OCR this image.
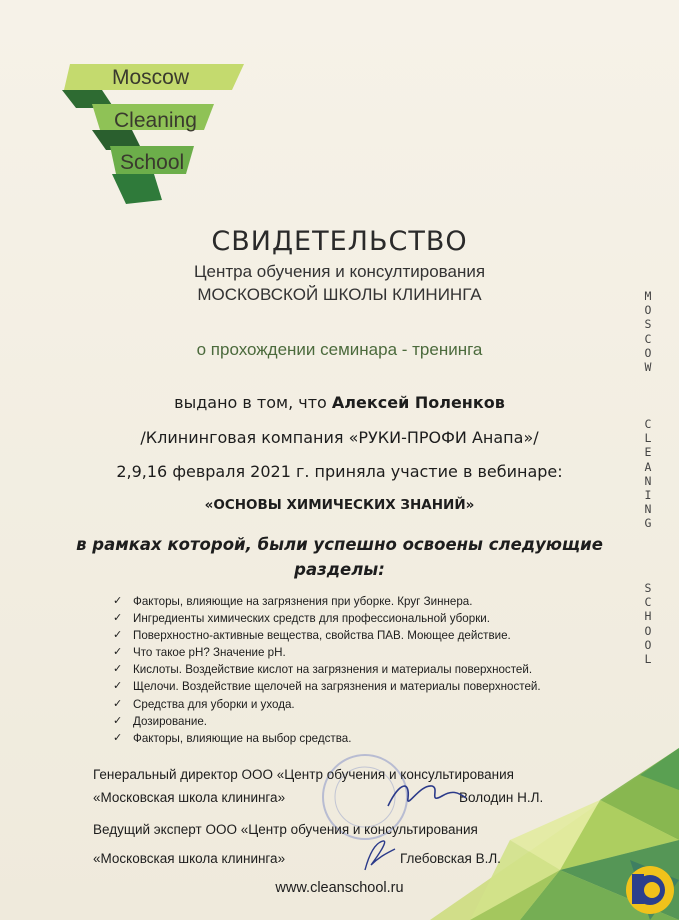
Moscow
Cleaning
School
M
O
S
C
O
W
C
L
E
A
N
I
N
G
S
C
H
O
O
L
СВИДЕТЕЛЬСТВО
Центра обучения и консултирования
МОСКОВСКОЙ ШКОЛЫ КЛИНИНГА
о прохождении семинара - тренинга
выдано в том, что Алексей Поленков
/Клининговая компания «РУКИ-ПРОФИ Анапа»/
2,9,16 февраля 2021 г. приняла участие в вебинаре:
«ОСНОВЫ ХИМИЧЕСКИХ ЗНАНИЙ»
в рамках которой, были успешно освоены следующие
разделы:
✓ Факторы, влияющие на загрязнения при уборке. Круг Зиннера.
✓ Ингредиенты химических средств для профессиональной уборки.
✓ Поверхностно-активные вещества, свойства ПАВ. Моющее действие.
✓ Что такое pH? Значение pH.
✓ Кислоты. Воздействие кислот на загрязнения и материалы поверхностей.
✓ Щелочи. Воздействие щелочей на загрязнения и материалы поверхностей.
✓ Средства для уборки и ухода.
✓ Дозирование.
✓ Факторы, влияющие на выбор средства.
Генеральный директор ООО «Центр обучения и консультирования
«Московская школа клининга»	Володин Н.Л.
Ведущий эксперт ООО «Центр обучения и консультирования
«Московская школа клининга»	Глебовская В.Л.
www.cleanschool.ru
